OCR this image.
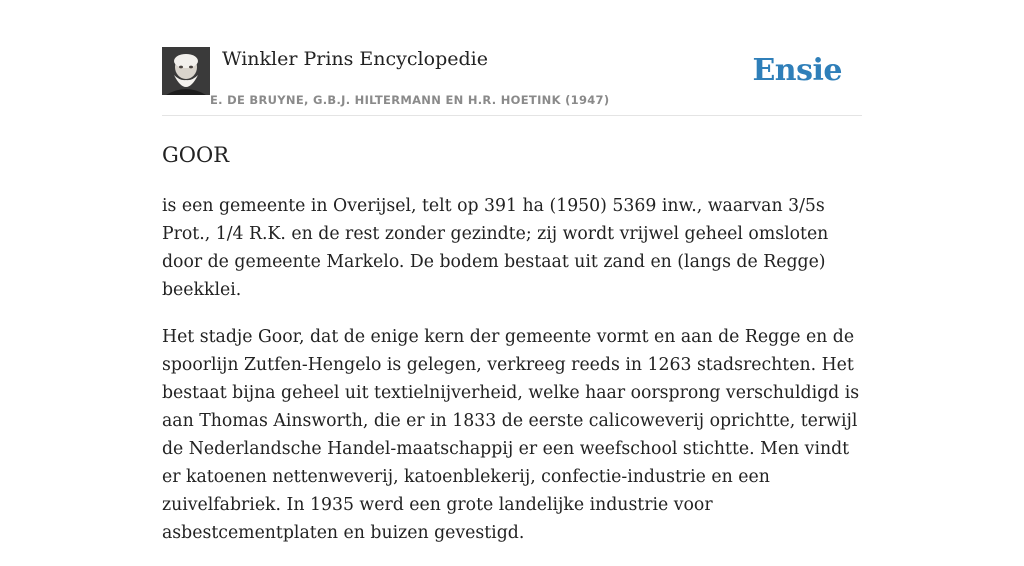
Winkler Prins Encyclopedie
E. DE BRUYNE, G.B.J. HILTERMANN EN H.R. HOETINK (1947)
Ensie
GOOR

is een gemeente in Overijsel, telt op 391 ha (1950) 5369 inw., waarvan 3/5s Prot., 1/4 R.K. en de rest zonder gezindte; zij wordt vrijwel geheel omsloten door de gemeente Markelo. De bodem bestaat uit zand en (langs de Regge) beekklei.

Het stadje Goor, dat de enige kern der gemeente vormt en aan de Regge en de spoorlijn Zutfen-Hengelo is gelegen, verkreeg reeds in 1263 stadsrechten. Het bestaat bijna geheel uit textielnijverheid, welke haar oorsprong verschuldigd is aan Thomas Ainsworth, die er in 1833 de eerste calicoweverij oprichtte, terwijl de Nederlandsche Handel-maatschappij er een weefschool stichtte. Men vindt er katoenen nettenweverij, katoenblekerij, confectie-industrie en een zuivelfabriek. In 1935 werd een grote landelijke industrie voor asbestcementplaten en buizen gevestigd.
